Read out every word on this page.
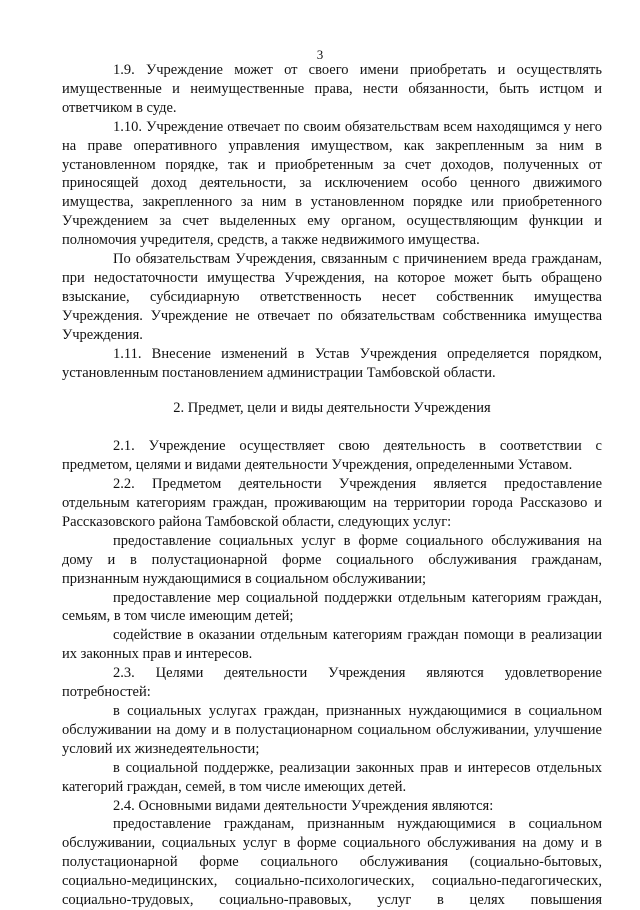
3

1.9. Учреждение может от своего имени приобретать и осуществлять имущественные и неимущественные права, нести обязанности, быть истцом и ответчиком в суде.

1.10. Учреждение отвечает по своим обязательствам всем находящимся у него на праве оперативного управления имуществом, как закрепленным за ним в установленном порядке, так и приобретенным за счет доходов, полученных от приносящей доход деятельности, за исключением особо ценного движимого имущества, закрепленного за ним в установленном порядке или приобретенного Учреждением за счет выделенных ему органом, осуществляющим функции и полномочия учредителя, средств, а также недвижимого имущества.

По обязательствам Учреждения, связанным с причинением вреда гражданам, при недостаточности имущества Учреждения, на которое может быть обращено взыскание, субсидиарную ответственность несет собственник имущества Учреждения. Учреждение не отвечает по обязательствам собственника имущества Учреждения.

1.11. Внесение изменений в Устав Учреждения определяется порядком, установленным постановлением администрации Тамбовской области.

2. Предмет, цели и виды деятельности Учреждения

2.1. Учреждение осуществляет свою деятельность в соответствии с предметом, целями и видами деятельности Учреждения, определенными Уставом.

2.2. Предметом деятельности Учреждения является предоставление отдельным категориям граждан, проживающим на территории города Рассказово и Рассказовского района Тамбовской области, следующих услуг:

предоставление социальных услуг в форме социального обслуживания на дому и в полустационарной форме социального обслуживания гражданам, признанным нуждающимися в социальном обслуживании;

предоставление мер социальной поддержки отдельным категориям граждан, семьям, в том числе имеющим детей;

содействие в оказании отдельным категориям граждан помощи в реализации их законных прав и интересов.

2.3. Целями деятельности Учреждения являются удовлетворение потребностей:

в социальных услугах граждан, признанных нуждающимися в социальном обслуживании на дому и в полустационарном социальном обслуживании, улучшение условий их жизнедеятельности;

в социальной поддержке, реализации законных прав и интересов отдельных категорий граждан, семей, в том числе имеющих детей.

2.4. Основными видами деятельности Учреждения являются:

предоставление гражданам, признанным нуждающимися в социальном обслуживании, социальных услуг в форме социального обслуживания на дому и в полустационарной форме социального обслуживания (социально-бытовых, социально-медицинских, социально-психологических, социально-педагогических, социально-трудовых, социально-правовых, услуг в целях повышения
